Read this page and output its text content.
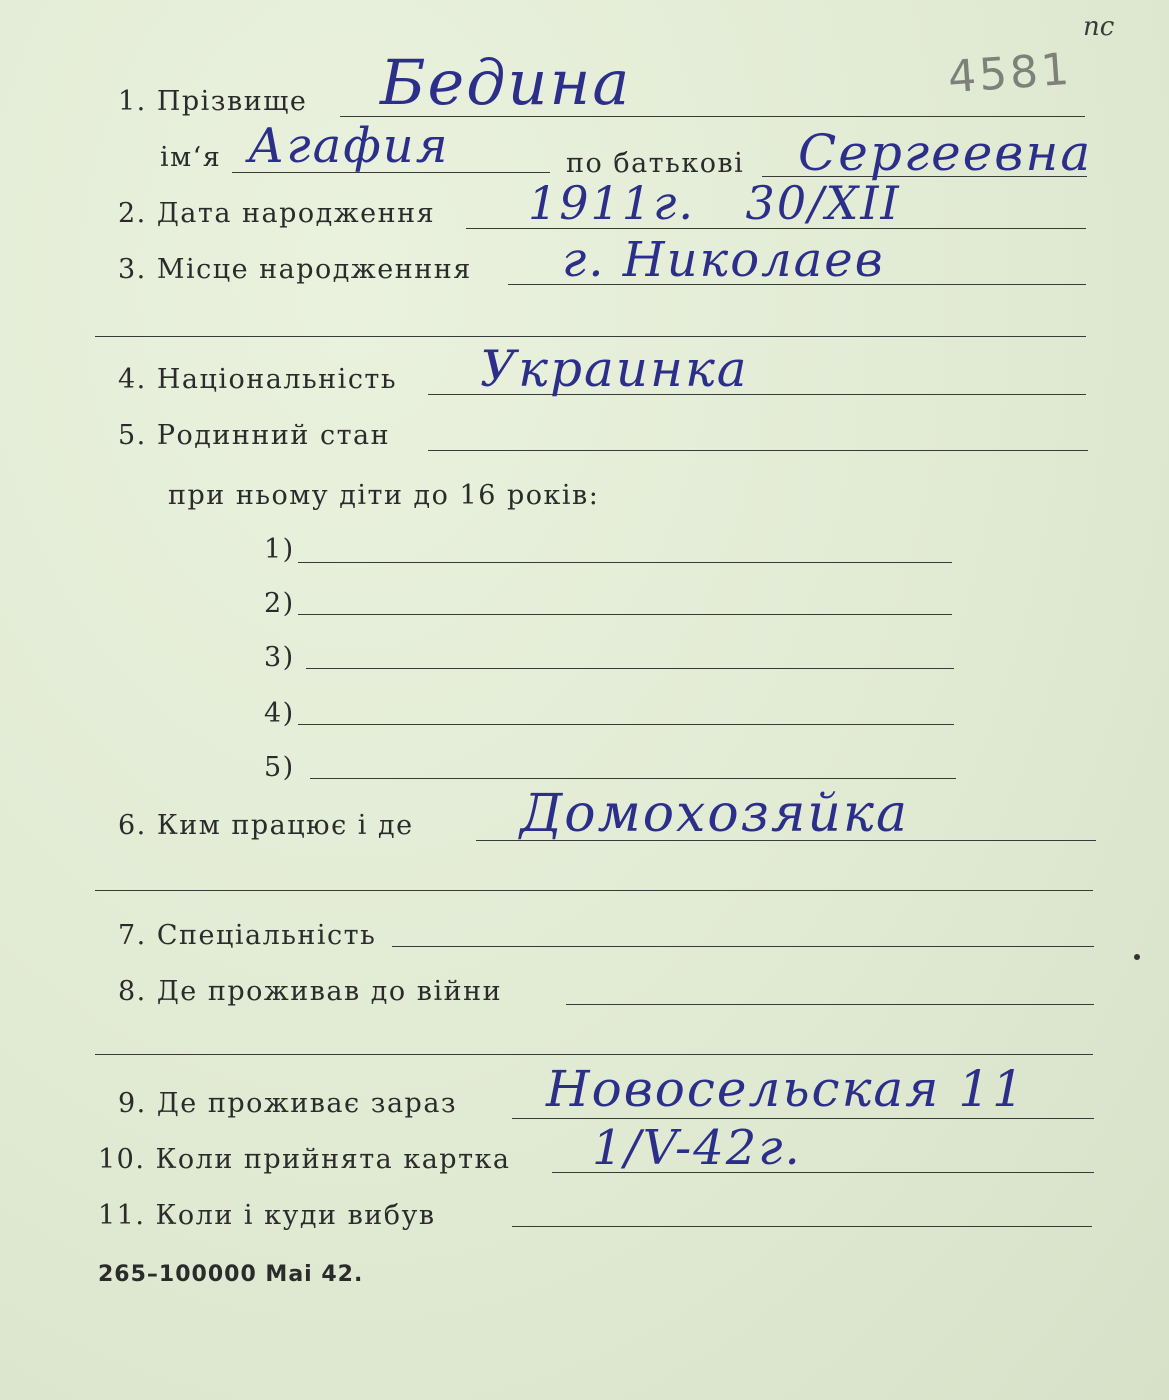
nc
4581
1. Прізвище Бедина
ім‘я Агафия	по батькові Сергеевна
2. Дата народження 1911г. 30/XII
3. Місце народженння г. Николаев
4. Національність Украинка
5. Родинний стан
при ньому діти до 16 років:
1)
2)
3)
4)
5)
6. Ким працює і де Домохозяйка
7. Спеціальність
8. Де проживав до війни
9. Де проживає зараз Новосельская 11
10. Коли прийнята картка 1/V-42г.
11. Коли і куди вибув
265–100000 Mai 42.
